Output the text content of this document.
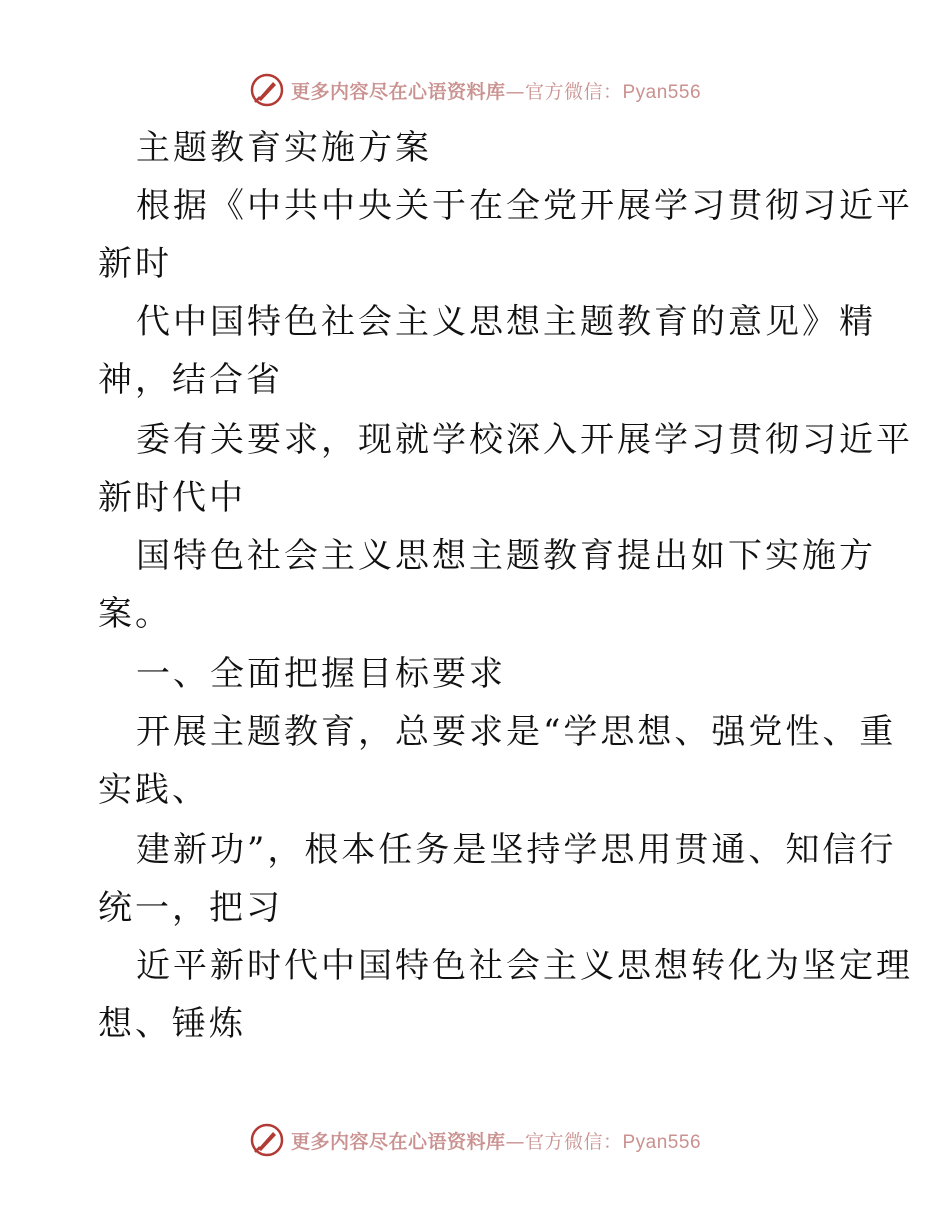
更多内容尽在心语资料库—官方微信：Pyan556
主题教育实施方案
根据《中共中央关于在全党开展学习贯彻习近平
新时
代中国特色社会主义思想主题教育的意见》精
神，结合省
委有关要求，现就学校深入开展学习贯彻习近平
新时代中
国特色社会主义思想主题教育提出如下实施方
案。
一、全面把握目标要求
开展主题教育，总要求是“学思想、强党性、重
实践、
建新功”，根本任务是坚持学思用贯通、知信行
统一，把习
近平新时代中国特色社会主义思想转化为坚定理
想、锤炼
更多内容尽在心语资料库—官方微信：Pyan556
